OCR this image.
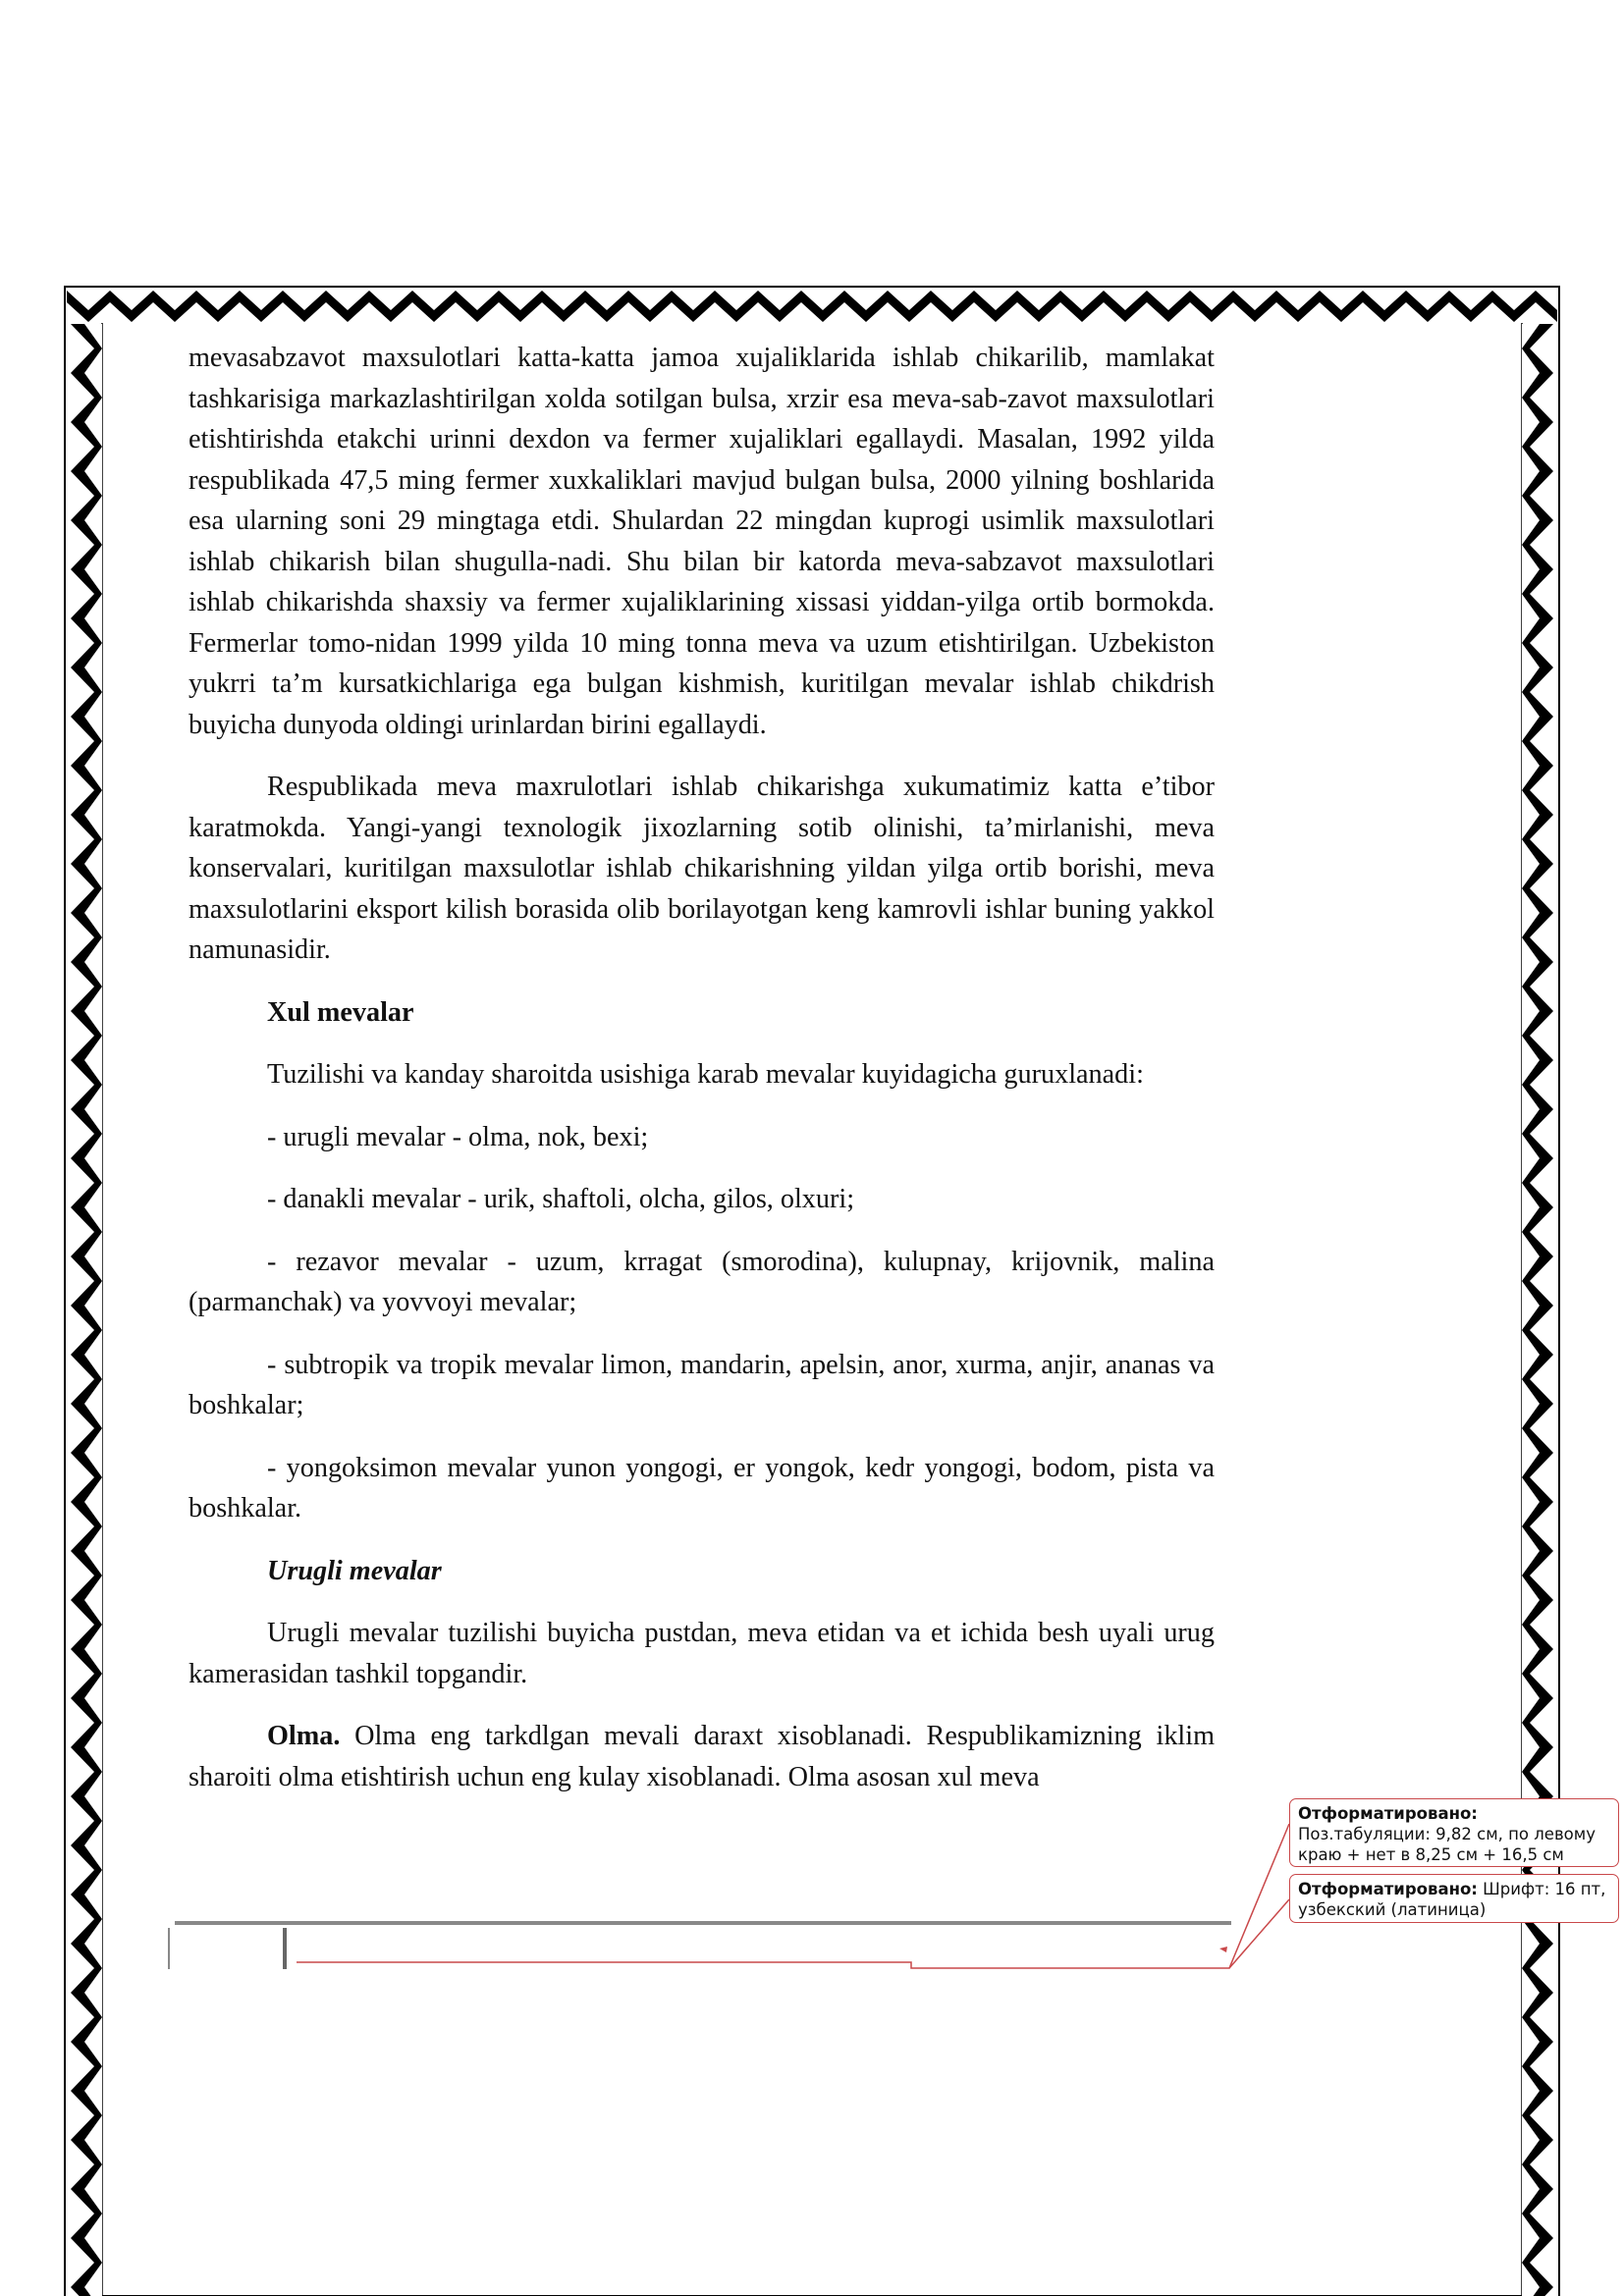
mevasabzavot maxsulotlari katta-katta jamoa xujaliklarida ishlab chikarilib, mamlakat tashkarisiga markazlashtirilgan xolda sotilgan bulsa, xrzir esa meva-sab-zavot maxsulotlari etishtirishda etakchi urinni dexdon va fermer xujaliklari egallaydi. Masalan, 1992 yilda respublikada 47,5 ming fermer xuxkaliklari mavjud bulgan bulsa, 2000 yilning boshlarida esa ularning soni 29 mingtaga etdi. Shulardan 22 mingdan kuprogi usimlik maxsulotlari ishlab chikarish bilan shugulla-nadi. Shu bilan bir katorda meva-sabzavot maxsulotlari ishlab chikarishda shaxsiy va fermer xujaliklarining xissasi yiddan-yilga ortib bormokda. Fermerlar tomo-nidan 1999 yilda 10 ming tonna meva va uzum etishtirilgan. Uzbekiston yukrri ta’m kursatkichlariga ega bulgan kishmish, kuritilgan mevalar ishlab chikdrish buyicha dunyoda oldingi urinlardan birini egallaydi.

Respublikada meva maxrulotlari ishlab chikarishga xukumatimiz katta e’tibor karatmokda. Yangi-yangi texnologik jixozlarning sotib olinishi, ta’mirlanishi, meva konservalari, kuritilgan maxsulotlar ishlab chikarishning yildan yilga ortib borishi, meva maxsulotlarini eksport kilish borasida olib borilayotgan keng kamrovli ishlar buning yakkol namunasidir.

Xul mevalar

Tuzilishi va kanday sharoitda usishiga karab mevalar kuyidagicha guruxlanadi:

- urugli mevalar - olma, nok, bexi;

- danakli mevalar - urik, shaftoli, olcha, gilos, olxuri;

- rezavor mevalar - uzum, krragat (smorodina), kulupnay, krijovnik, malina (parmanchak) va yovvoyi mevalar;

- subtropik va tropik mevalar limon, mandarin, apelsin, anor, xurma, anjir, ananas va boshkalar;

- yongoksimon mevalar yunon yongogi, er yongok, kedr yongogi, bodom, pista va boshkalar.

Urugli mevalar

Urugli mevalar tuzilishi buyicha pustdan, meva etidan va et ichida besh uyali urug kamerasidan tashkil topgandir.

Olma. Olma eng tarkdlgan mevali daraxt xisoblanadi. Respublikamizning iklim sharoiti olma etishtirish uchun eng kulay xisoblanadi. Olma asosan xul meva

Отформатировано: Поз.табуляции: 9,82 см, по левому краю + нет в 8,25 см + 16,5 см
Отформатировано: Шрифт: 16 пт, узбекский (латиница)
